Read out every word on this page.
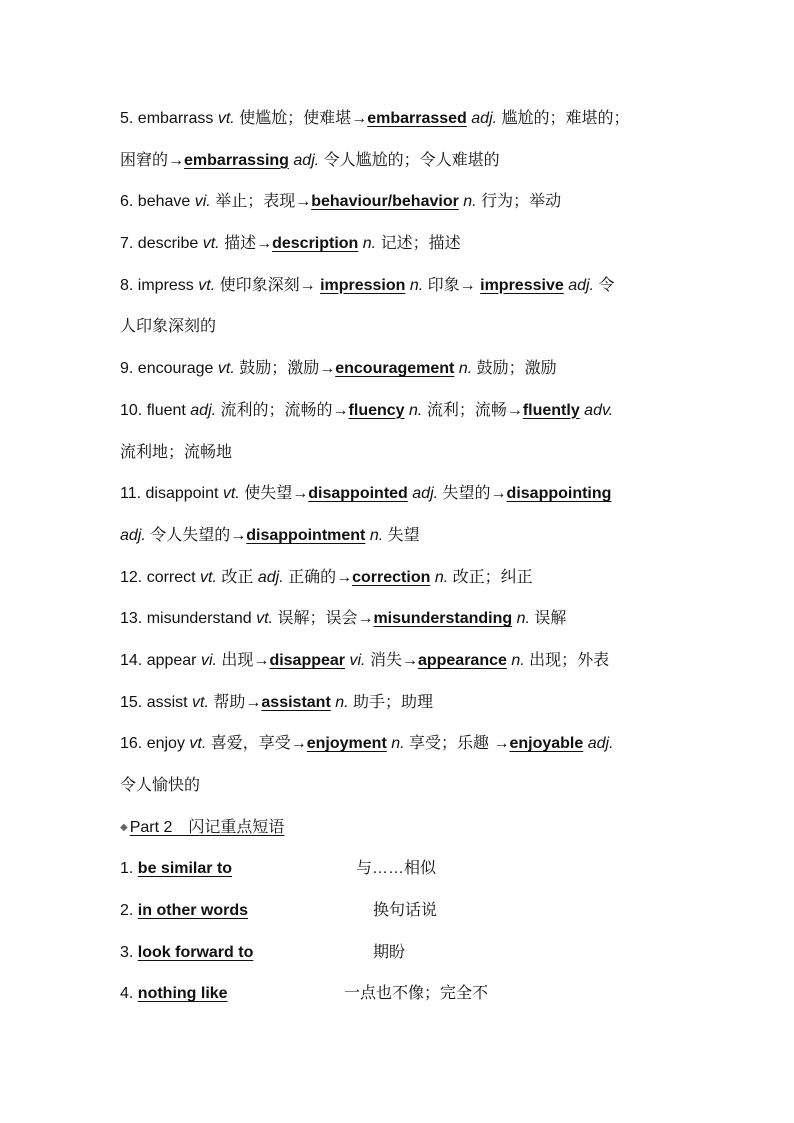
5. embarrass vt. 使尴尬；使难堪→embarrassed adj. 尴尬的；难堪的；
困窘的→embarrassing adj. 令人尴尬的；令人难堪的
6. behave vi. 举止；表现→behaviour/behavior n. 行为；举动
7. describe vt. 描述→description n. 记述；描述
8. impress vt. 使印象深刻→ impression n. 印象→ impressive adj. 令
人印象深刻的
9. encourage vt. 鼓励；激励→encouragement n. 鼓励；激励
10. fluent adj. 流利的；流畅的→fluency n. 流利；流畅→fluently adv.
流利地；流畅地
11. disappoint vt. 使失望→disappointed adj. 失望的→disappointing
adj. 令人失望的→disappointment n. 失望
12. correct vt. 改正 adj. 正确的→correction n. 改正；纠正
13. misunderstand vt. 误解；误会→misunderstanding n. 误解
14. appear vi. 出现→disappear vi. 消失→appearance n. 出现；外表
15. assist vt. 帮助→assistant n. 助手；助理
16. enjoy vt. 喜爱，享受→enjoyment n. 享受；乐趣 →enjoyable adj.
令人愉快的
◆ Part 2　闪记重点短语
1. be similar to	与……相似
2. in other words	换句话说
3. look forward to	期盼
4. nothing like	一点也不像；完全不
